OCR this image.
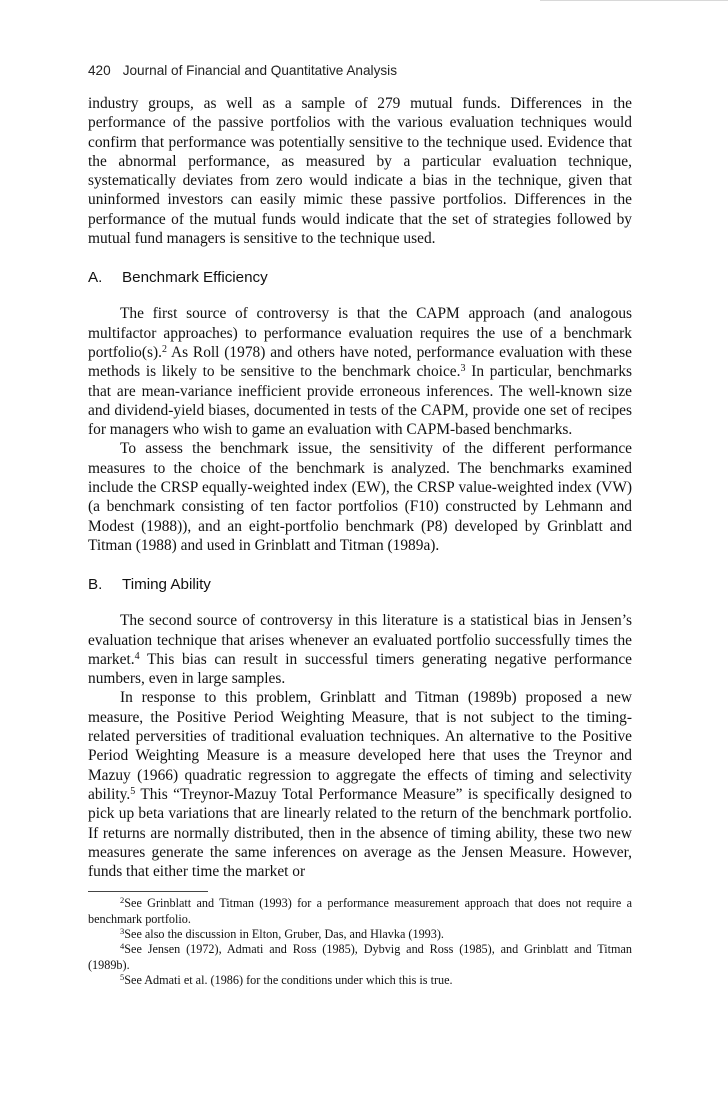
420 Journal of Financial and Quantitative Analysis

industry groups, as well as a sample of 279 mutual funds. Differences in the performance of the passive portfolios with the various evaluation techniques would confirm that performance was potentially sensitive to the technique used. Evidence that the abnormal performance, as measured by a particular evaluation technique, systematically deviates from zero would indicate a bias in the technique, given that uninformed investors can easily mimic these passive portfolios. Differences in the performance of the mutual funds would indicate that the set of strategies followed by mutual fund managers is sensitive to the technique used.

A. Benchmark Efficiency

The first source of controversy is that the CAPM approach (and analogous multifactor approaches) to performance evaluation requires the use of a benchmark portfolio(s).$^2$ As Roll (1978) and others have noted, performance evaluation with these methods is likely to be sensitive to the benchmark choice.$^3$ In particular, benchmarks that are mean-variance inefficient provide erroneous inferences. The well-known size and dividend-yield biases, documented in tests of the CAPM, provide one set of recipes for managers who wish to game an evaluation with CAPM-based benchmarks.

To assess the benchmark issue, the sensitivity of the different performance measures to the choice of the benchmark is analyzed. The benchmarks examined include the CRSP equally-weighted index (EW), the CRSP value-weighted index (VW) (a benchmark consisting of ten factor portfolios (F10) constructed by Lehmann and Modest (1988)), and an eight-portfolio benchmark (P8) developed by Grinblatt and Titman (1988) and used in Grinblatt and Titman (1989a).

B. Timing Ability

The second source of controversy in this literature is a statistical bias in Jensen’s evaluation technique that arises whenever an evaluated portfolio successfully times the market.$^4$ This bias can result in successful timers generating negative performance numbers, even in large samples.

In response to this problem, Grinblatt and Titman (1989b) proposed a new measure, the Positive Period Weighting Measure, that is not subject to the timing-related perversities of traditional evaluation techniques. An alternative to the Positive Period Weighting Measure is a measure developed here that uses the Treynor and Mazuy (1966) quadratic regression to aggregate the effects of timing and selectivity ability.$^5$ This “Treynor-Mazuy Total Performance Measure” is specifically designed to pick up beta variations that are linearly related to the return of the benchmark portfolio. If returns are normally distributed, then in the absence of timing ability, these two new measures generate the same inferences on average as the Jensen Measure. However, funds that either time the market or

$^2$See Grinblatt and Titman (1993) for a performance measurement approach that does not require a benchmark portfolio.

$^3$See also the discussion in Elton, Gruber, Das, and Hlavka (1993).

$^4$See Jensen (1972), Admati and Ross (1985), Dybvig and Ross (1985), and Grinblatt and Titman (1989b).

$^5$See Admati et al. (1986) for the conditions under which this is true.
